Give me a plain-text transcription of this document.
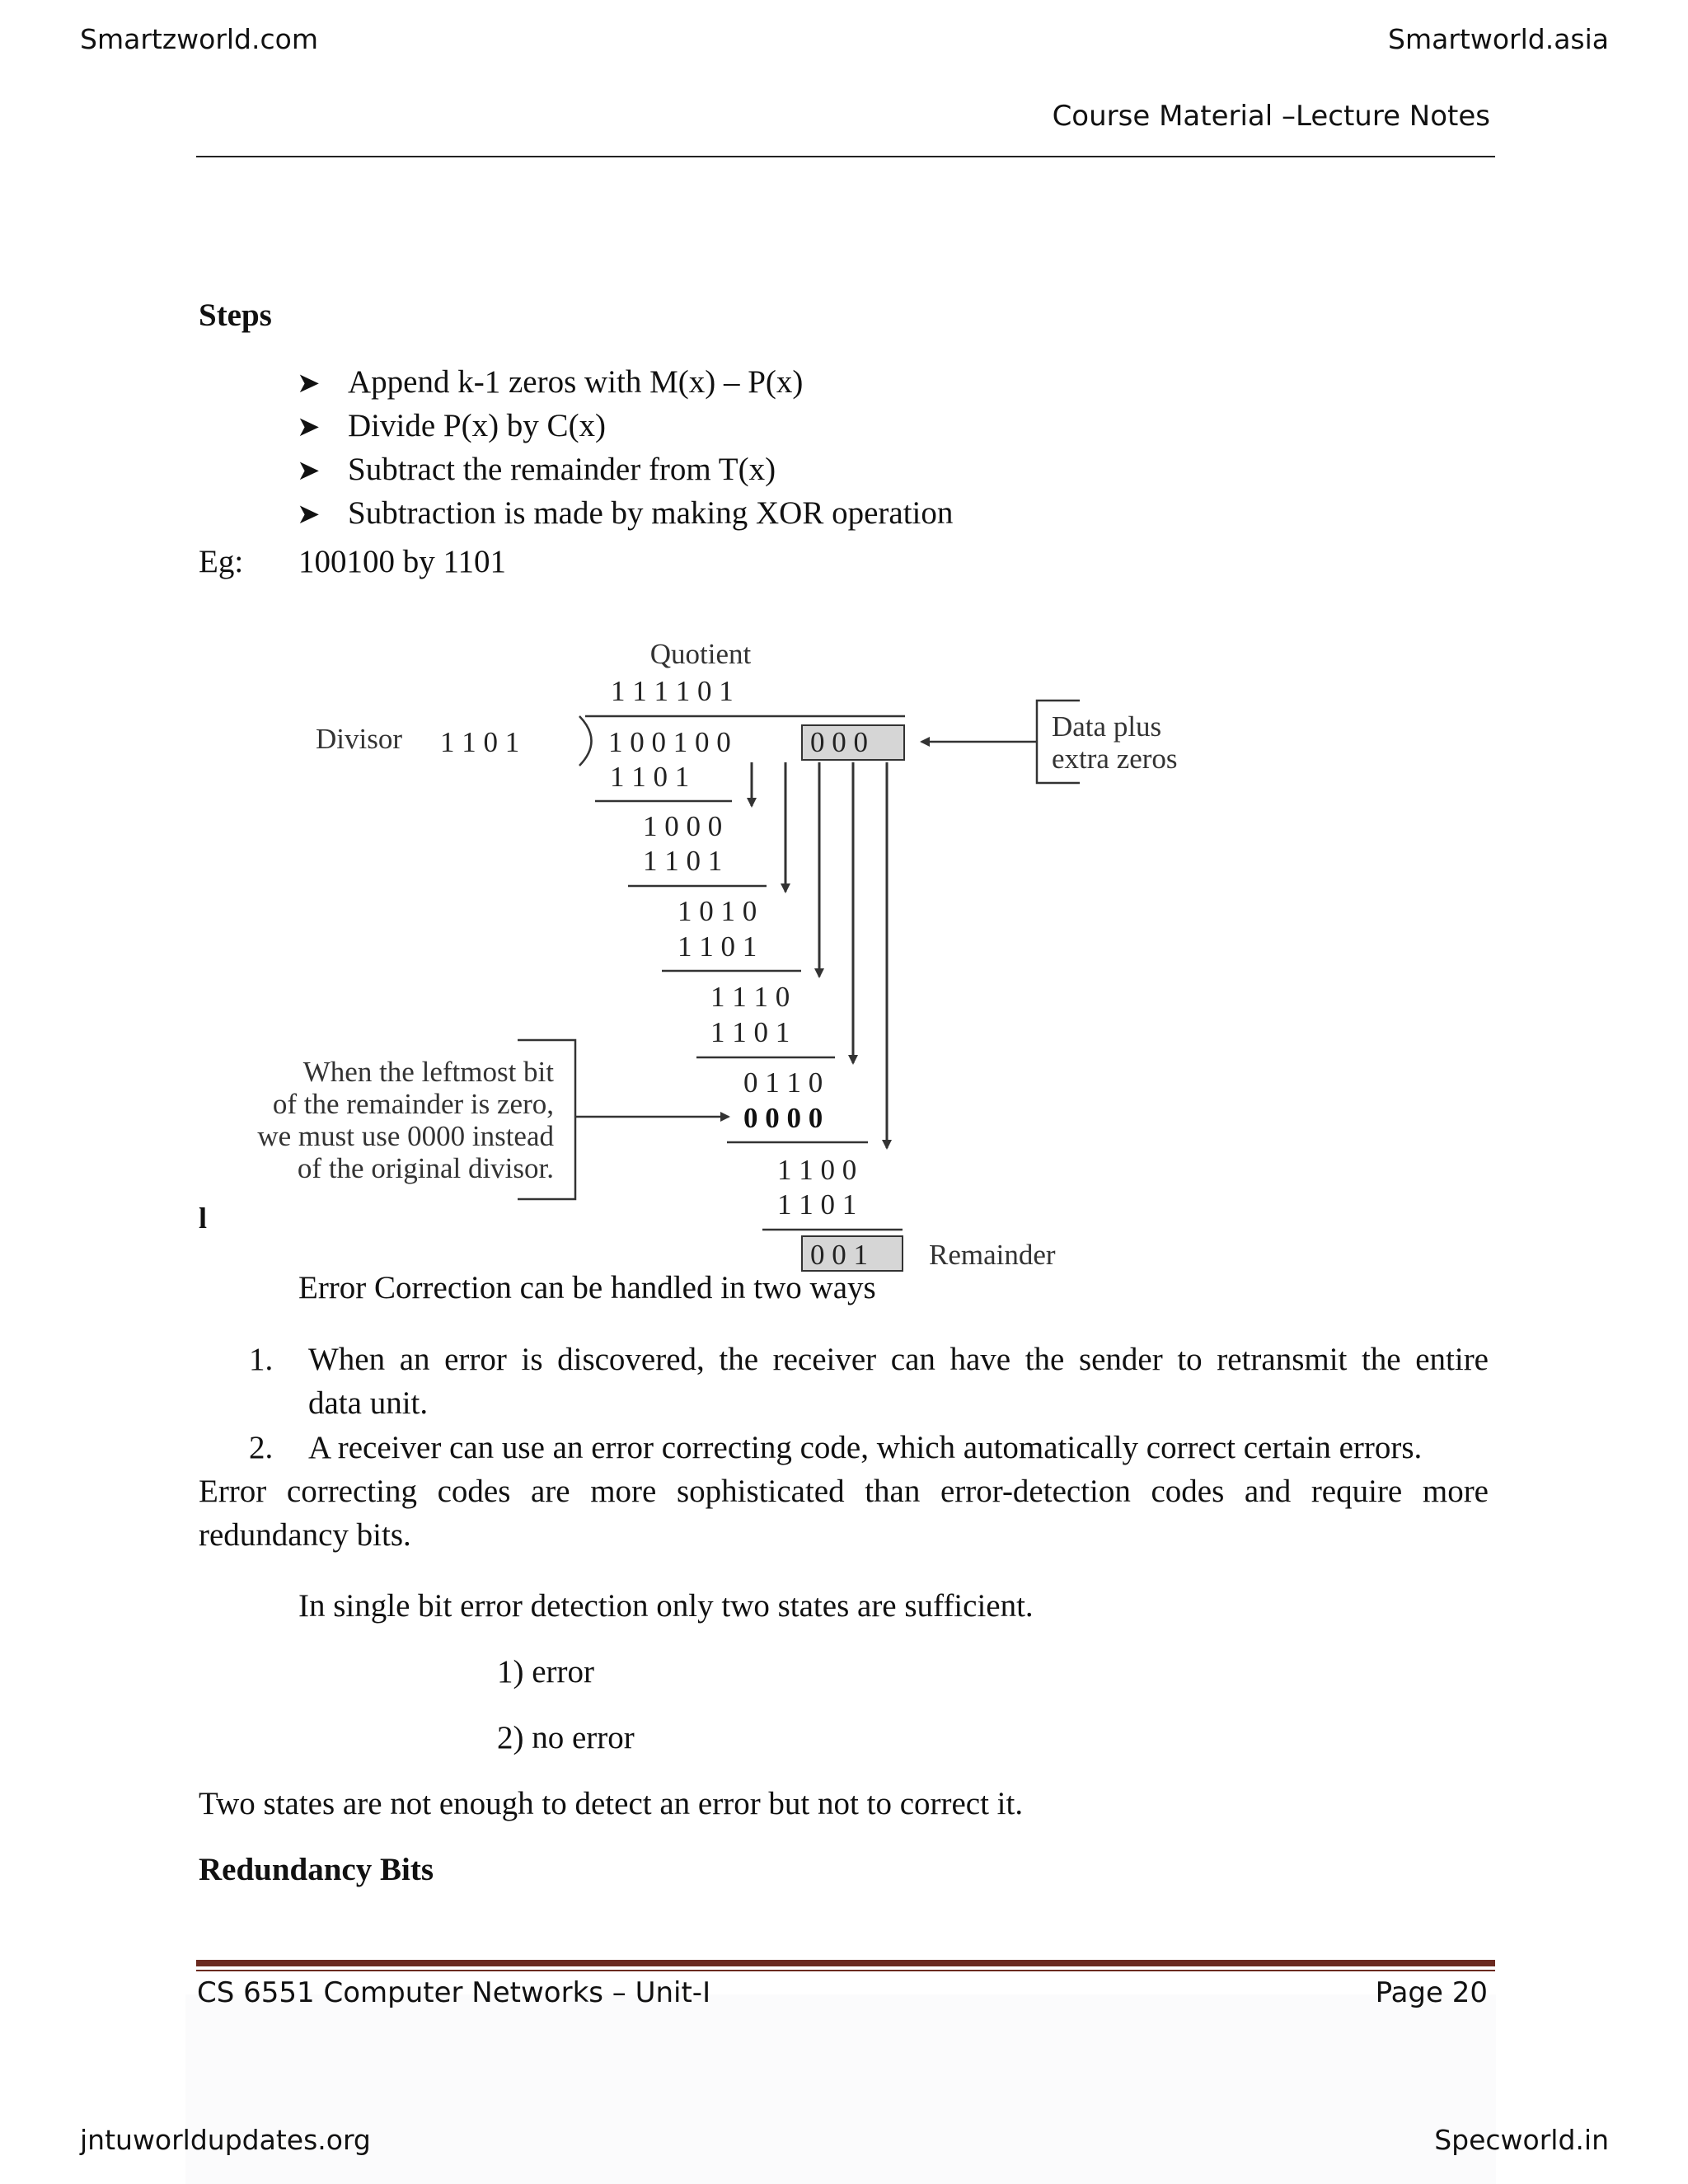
Smartzworld.com	Smartworld.asia
Course Material –Lecture Notes
Steps
➤ Append k-1 zeros with M(x) – P(x)
➤ Divide P(x) by C(x)
➤ Subtract the remainder from T(x)
➤ Subtraction is made by making XOR operation
Eg: 100100 by 1101
Quotient
1 1 1 1 0 1
Divisor 1 1 0 1	1 0 0 1 0 0	0 0 0	Data plus
extra zeros
1 1 0 1
1 0 0 0
1 1 0 1
1 0 1 0
1 1 0 1
1 1 1 0
1 1 0 1
0 1 1 0
0 0 0 0
When the leftmost bit
of the remainder is zero,
we must use 0000 instead
of the original divisor.	1 1 0 0
1 1 0 1
0 0 1 Remainder
l
Error Correction can be handled in two ways
1. When an error is discovered, the receiver can have the sender to retransmit the entire
data unit.
2. A receiver can use an error correcting code, which automatically correct certain errors.
Error correcting codes are more sophisticated than error-detection codes and require more
redundancy bits.
In single bit error detection only two states are sufficient.
1) error
2) no error
Two states are not enough to detect an error but not to correct it.
Redundancy Bits
CS 6551 Computer Networks – Unit-I	Page 20
jntuworldupdates.org	Specworld.in
